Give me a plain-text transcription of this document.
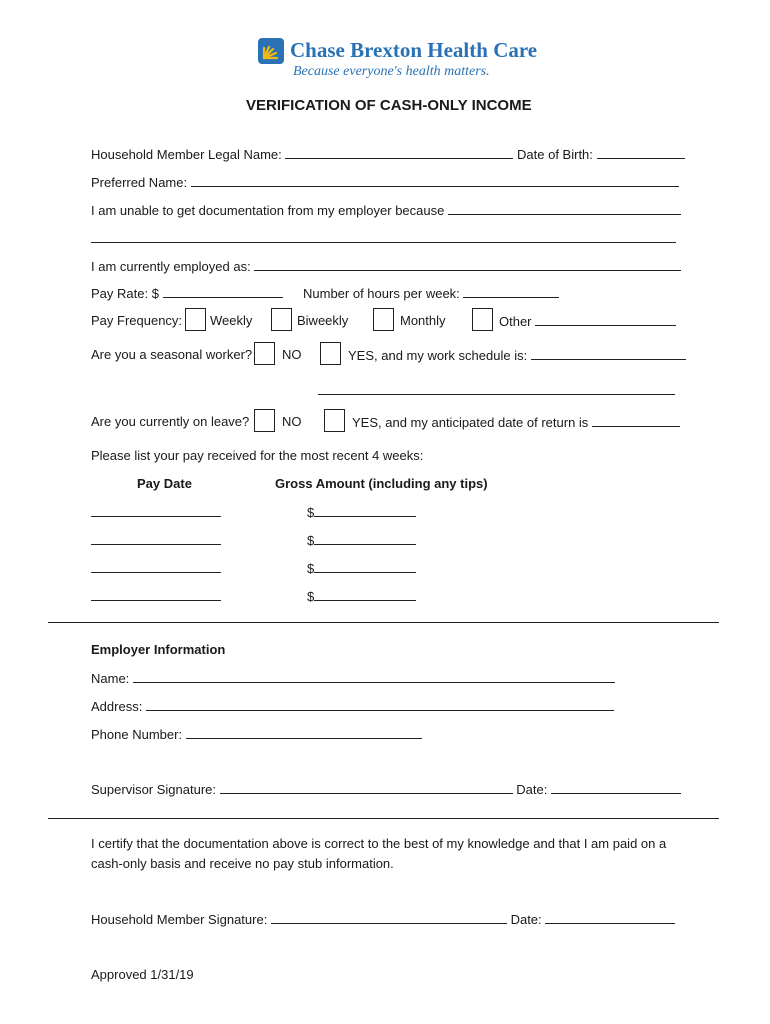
Chase Brexton Health Care
Because everyone's health matters.
VERIFICATION OF CASH-ONLY INCOME
Household Member Legal Name:	Date of Birth:
Preferred Name:
I am unable to get documentation from my employer because
I am currently employed as:
Pay Rate: $	Number of hours per week:
Pay Frequency: Weekly	Biweekly	Monthly	Other
Are you a seasonal worker? NO	YES, and my work schedule is:
Are you currently on leave?	NO	YES, and my anticipated date of return is
Please list your pay received for the most recent 4 weeks:
Pay Date	Gross Amount (including any tips)
$
$
$
$
Employer Information
Name:
Address:
Phone Number:
Supervisor Signature:	Date:
I certify that the documentation above is correct to the best of my knowledge and that I am paid on a
cash-only basis and receive no pay stub information.
Household Member Signature:	Date:
Approved 1/31/19
